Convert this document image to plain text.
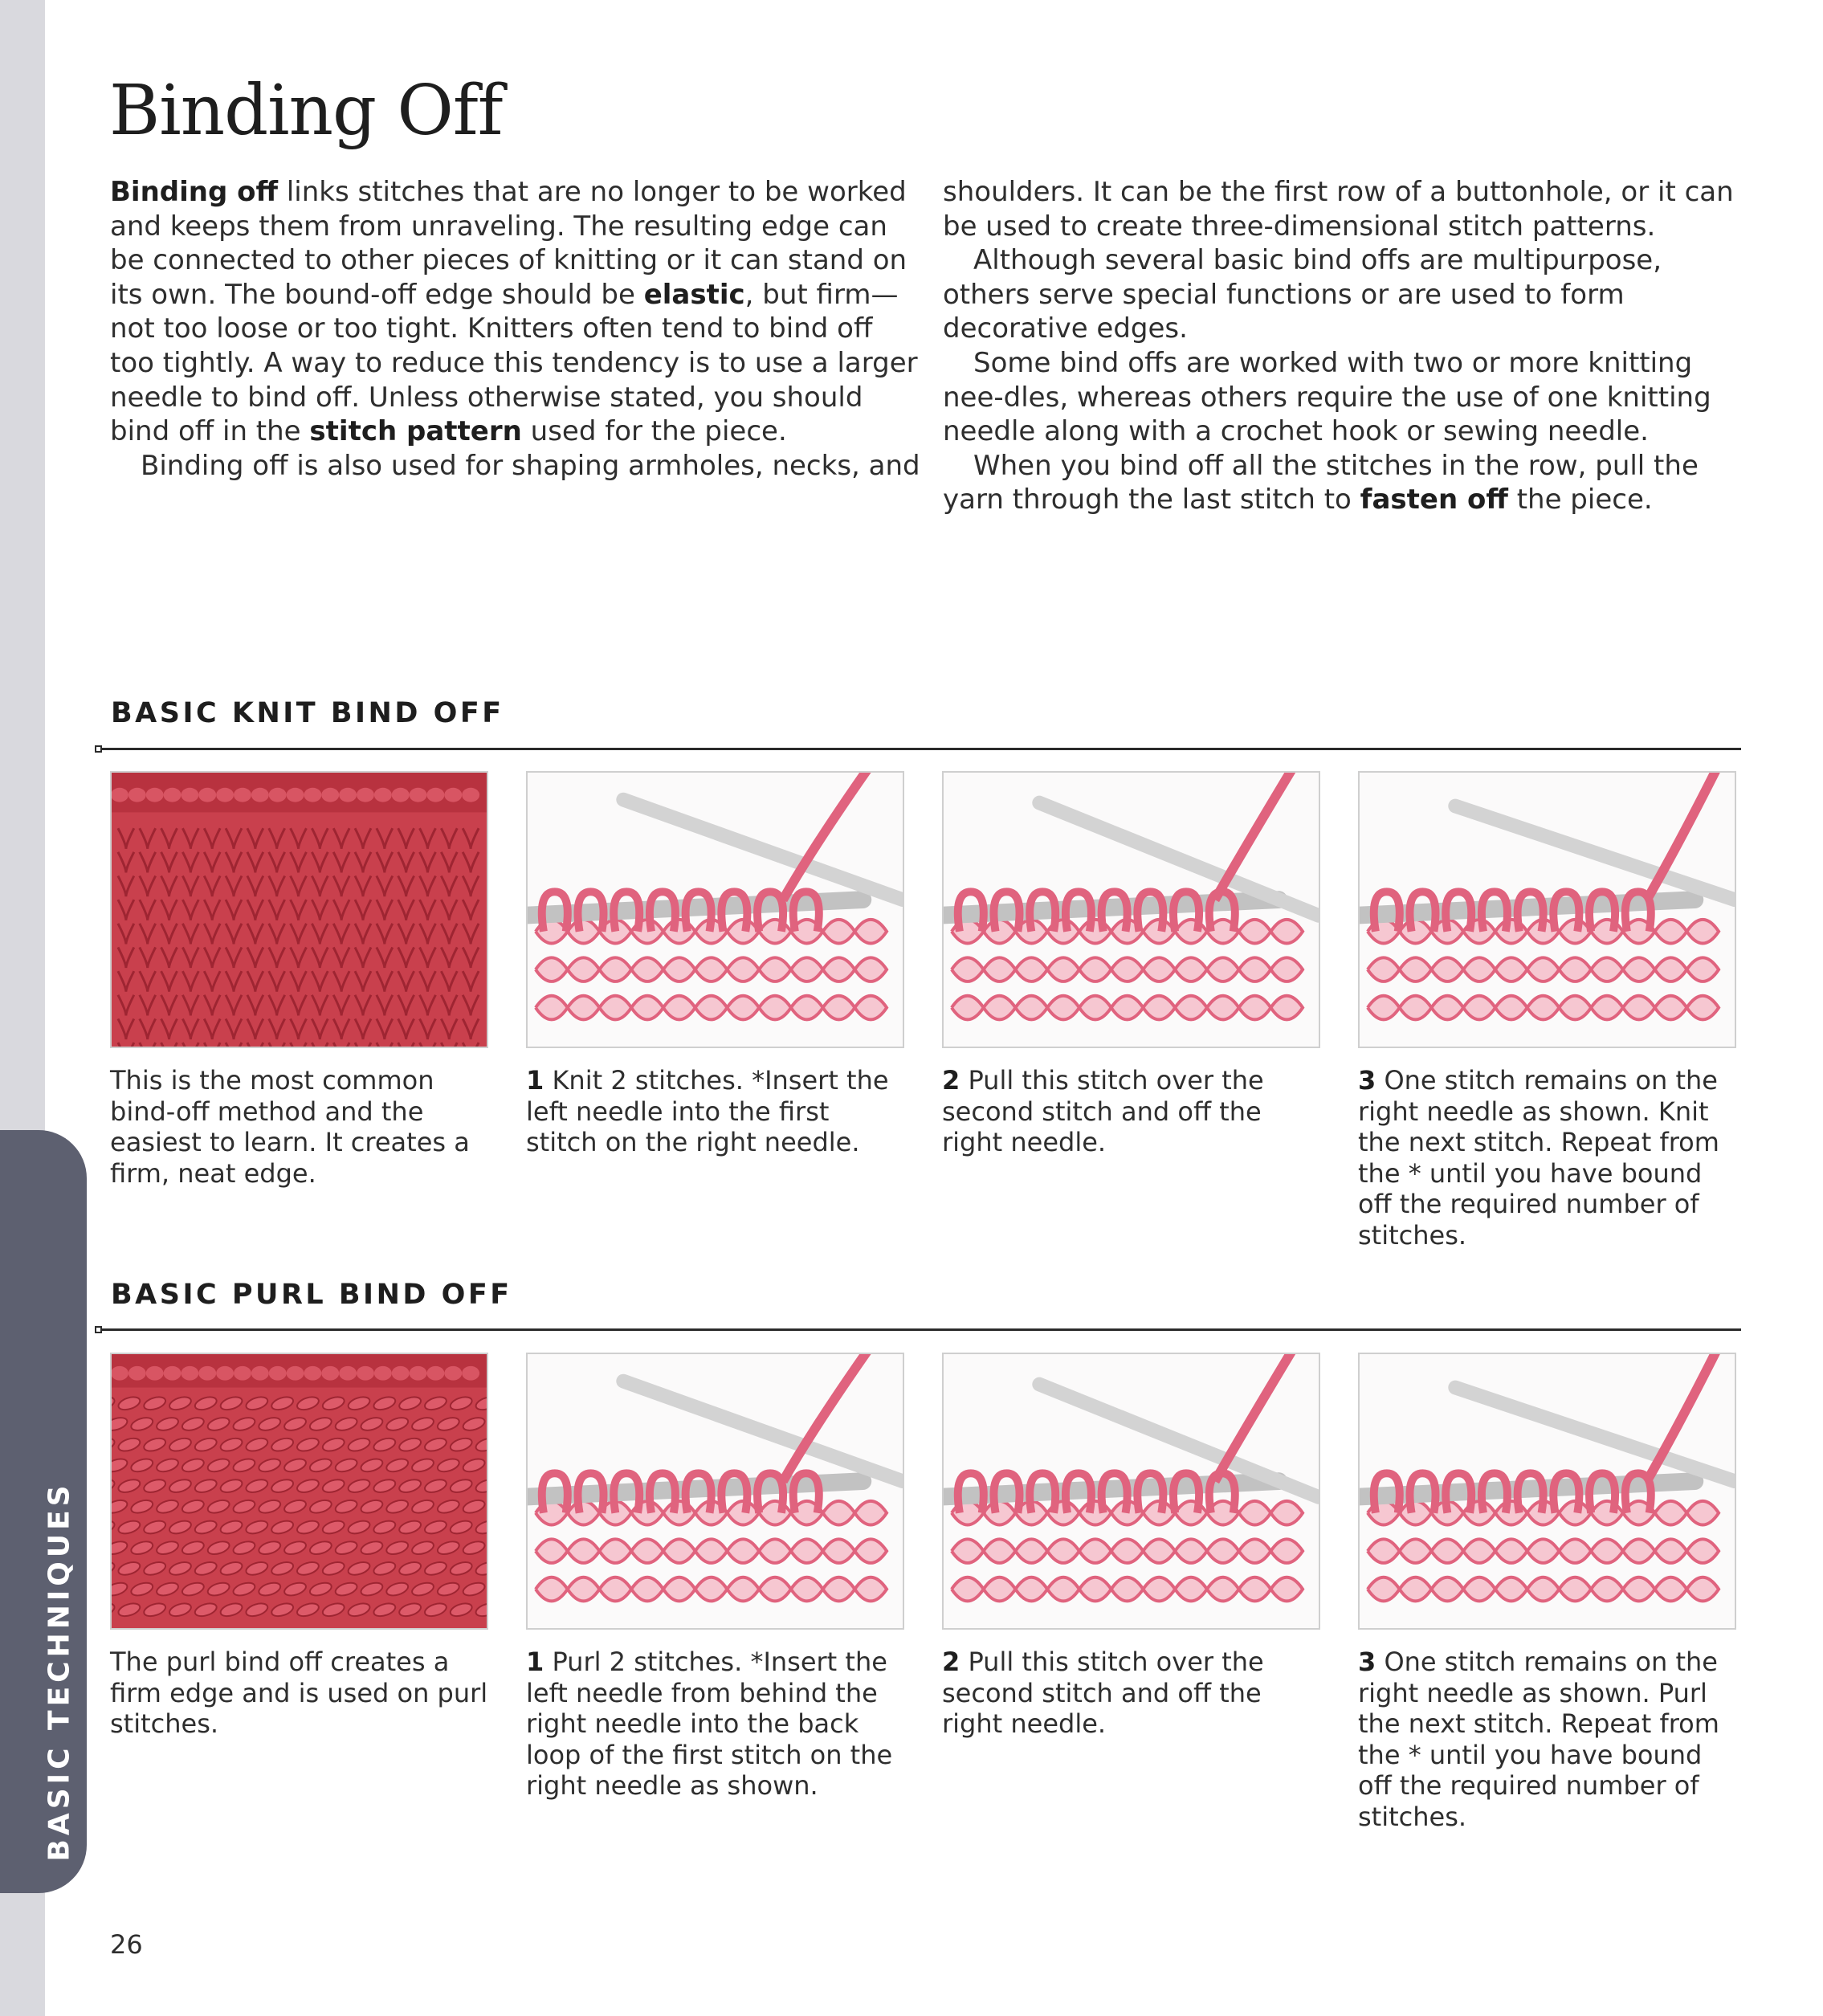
1BASIC TECHNIQUES
Binding Off

Binding off links stitches that are no longer to be worked and keeps them from unraveling. The resulting edge can be connected to other pieces of knitting or it can stand on its own. The bound-off edge should be elastic, but firm—not too loose or too tight. Knitters often tend to bind off too tightly. A way to reduce this tendency is to use a larger needle to bind off. Unless otherwise stated, you should bind off in the stitch pattern used for the piece.

Binding off is also used for shaping armholes, necks, and

shoulders. It can be the first row of a buttonhole, or it can be used to create three-dimensional stitch patterns.

Although several basic bind offs are multipurpose, others serve special functions or are used to form decorative edges.

Some bind offs are worked with two or more knitting nee-dles, whereas others require the use of one knitting needle along with a crochet hook or sewing needle.

When you bind off all the stitches in the row, pull the yarn through the last stitch to fasten off the piece.

BASIC KNIT BIND OFF
This is the most common bind-off method and the easiest to learn. It creates a firm, neat edge.
1 Knit 2 stitches. *Insert the left needle into the first stitch on the right needle.
2 Pull this stitch over the second stitch and off the right needle.
3 One stitch remains on the right needle as shown. Knit the next stitch. Repeat from the * until you have bound off the required number of stitches.
BASIC PURL BIND OFF
The purl bind off creates a firm edge and is used on purl stitches.
1 Purl 2 stitches. *Insert the left needle from behind the right needle into the back loop of the first stitch on the right needle as shown.
2 Pull this stitch over the second stitch and off the right needle.
3 One stitch remains on the right needle as shown. Purl the next stitch. Repeat from the * until you have bound off the required number of stitches.
26
